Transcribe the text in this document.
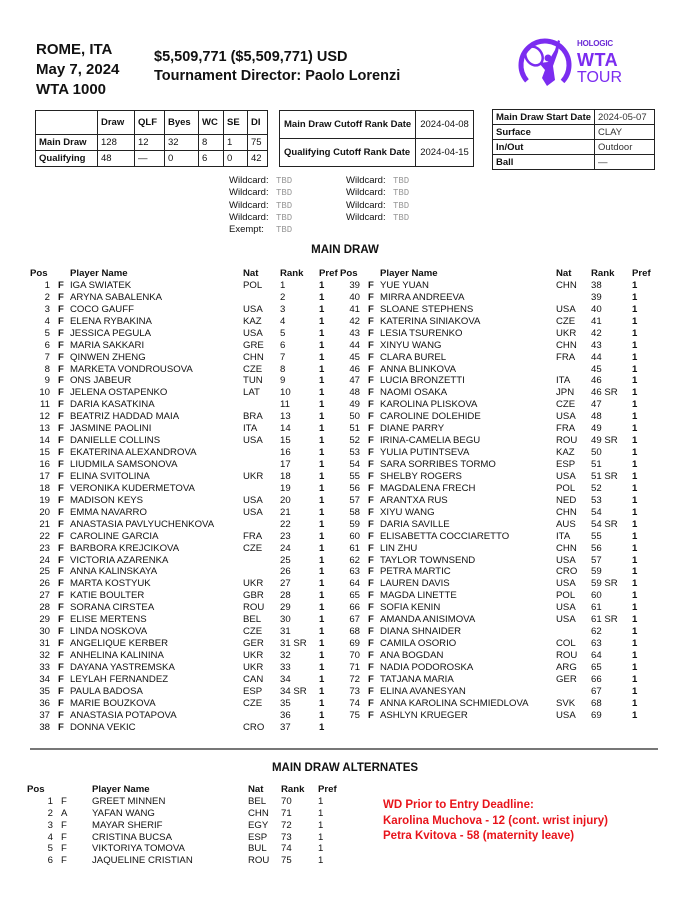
ROME, ITA
May 7, 2024
WTA 1000
$5,509,771 ($5,509,771) USD
Tournament Director: Paolo Lorenzi
HOLOGIC
WTA
TOUR
	Draw	QLF	Byes	WC	SE	DI
Main Draw	128	12	32	8	1	75
Qualifying	48	—	0	6	0	42
Main Draw Cutoff Rank Date	2024-04-08
Qualifying Cutoff Rank Date	2024-04-15
Main Draw Start Date	2024-05-07
Surface	CLAY
In/Out	Outdoor
Ball	—
Wildcard: TBD
Wildcard: TBD
Wildcard: TBD
Wildcard: TBD
Exempt: TBD
Wildcard: TBD
Wildcard: TBD
Wildcard: TBD
Wildcard: TBD
MAIN DRAW
Pos Player Name	Nat Rank Pref
1 F IGA SWIATEK	POL 1	1
2 F ARYNA SABALENKA	2	1
3 F COCO GAUFF	USA 3	1
4 F ELENA RYBAKINA	KAZ 4	1
5 F JESSICA PEGULA	USA 5	1
6 F MARIA SAKKARI	GRE 6	1
7 F QINWEN ZHENG	CHN 7	1
8 F MARKETA VONDROUSOVA	CZE 8	1
9 F ONS JABEUR	TUN 9	1
10 F JELENA OSTAPENKO	LAT 10	1
11 F DARIA KASATKINA	11	1
12 F BEATRIZ HADDAD MAIA	BRA 13	1
13 F JASMINE PAOLINI	ITA 14	1
14 F DANIELLE COLLINS	USA 15	1
15 F EKATERINA ALEXANDROVA	16	1
16 F LIUDMILA SAMSONOVA	17	1
17 F ELINA SVITOLINA	UKR 18	1
18 F VERONIKA KUDERMETOVA	19	1
19 F MADISON KEYS	USA 20	1
20 F EMMA NAVARRO	USA 21	1
21 F ANASTASIA PAVLYUCHENKOVA	22	1
22 F CAROLINE GARCIA	FRA 23	1
23 F BARBORA KREJCIKOVA	CZE 24	1
24 F VICTORIA AZARENKA	25	1
25 F ANNA KALINSKAYA	26	1
26 F MARTA KOSTYUK	UKR 27	1
27 F KATIE BOULTER	GBR 28	1
28 F SORANA CIRSTEA	ROU 29	1
29 F ELISE MERTENS	BEL 30	1
30 F LINDA NOSKOVA	CZE 31	1
31 F ANGELIQUE KERBER	GER 31 SR 1
32 F ANHELINA KALININA	UKR 32	1
33 F DAYANA YASTREMSKA	UKR 33	1
34 F LEYLAH FERNANDEZ	CAN 34	1
35 F PAULA BADOSA	ESP 34 SR 1
36 F MARIE BOUZKOVA	CZE 35	1
37 F ANASTASIA POTAPOVA	36	1
38 F DONNA VEKIC	CRO 37	1
Pos Player Name	Nat Rank Pref
39 F YUE YUAN	CHN 38	1
40 F MIRRA ANDREEVA	39	1
41 F SLOANE STEPHENS	USA 40	1
42 F KATERINA SINIAKOVA	CZE 41	1
43 F LESIA TSURENKO	UKR 42	1
44 F XINYU WANG	CHN 43	1
45 F CLARA BUREL	FRA 44	1
46 F ANNA BLINKOVA	45	1
47 F LUCIA BRONZETTI	ITA 46	1
48 F NAOMI OSAKA	JPN 46 SR 1
49 F KAROLINA PLISKOVA	CZE 47	1
50 F CAROLINE DOLEHIDE	USA 48	1
51 F DIANE PARRY	FRA 49	1
52 F IRINA-CAMELIA BEGU	ROU 49 SR 1
53 F YULIA PUTINTSEVA	KAZ 50	1
54 F SARA SORRIBES TORMO	ESP 51	1
55 F SHELBY ROGERS	USA 51 SR 1
56 F MAGDALENA FRECH	POL 52	1
57 F ARANTXA RUS	NED 53	1
58 F XIYU WANG	CHN 54	1
59 F DARIA SAVILLE	AUS 54 SR 1
60 F ELISABETTA COCCIARETTO	ITA 55	1
61 F LIN ZHU	CHN 56	1
62 F TAYLOR TOWNSEND	USA 57	1
63 F PETRA MARTIC	CRO 59	1
64 F LAUREN DAVIS	USA 59 SR 1
65 F MAGDA LINETTE	POL 60	1
66 F SOFIA KENIN	USA 61	1
67 F AMANDA ANISIMOVA	USA 61 SR 1
68 F DIANA SHNAIDER	62	1
69 F CAMILA OSORIO	COL 63	1
70 F ANA BOGDAN	ROU 64	1
71 F NADIA PODOROSKA	ARG 65	1
72 F TATJANA MARIA	GER 66	1
73 F ELINA AVANESYAN	67	1
74 F ANNA KAROLINA SCHMIEDLOVA	SVK 68	1
75 F ASHLYN KRUEGER	USA 69	1
MAIN DRAW ALTERNATES
Pos	Player Name	Nat Rank Pref
1 F	GREET MINNEN	BEL 70	1
2 A	YAFAN WANG	CHN 71	1
3 F	MAYAR SHERIF	EGY 72	1
4 F	CRISTINA BUCSA	ESP 73	1
5 F	VIKTORIYA TOMOVA	BUL 74	1
6 F	JAQUELINE CRISTIAN	ROU 75	1
WD Prior to Entry Deadline:
Karolina Muchova - 12 (cont. wrist injury)
Petra Kvitova - 58 (maternity leave)
